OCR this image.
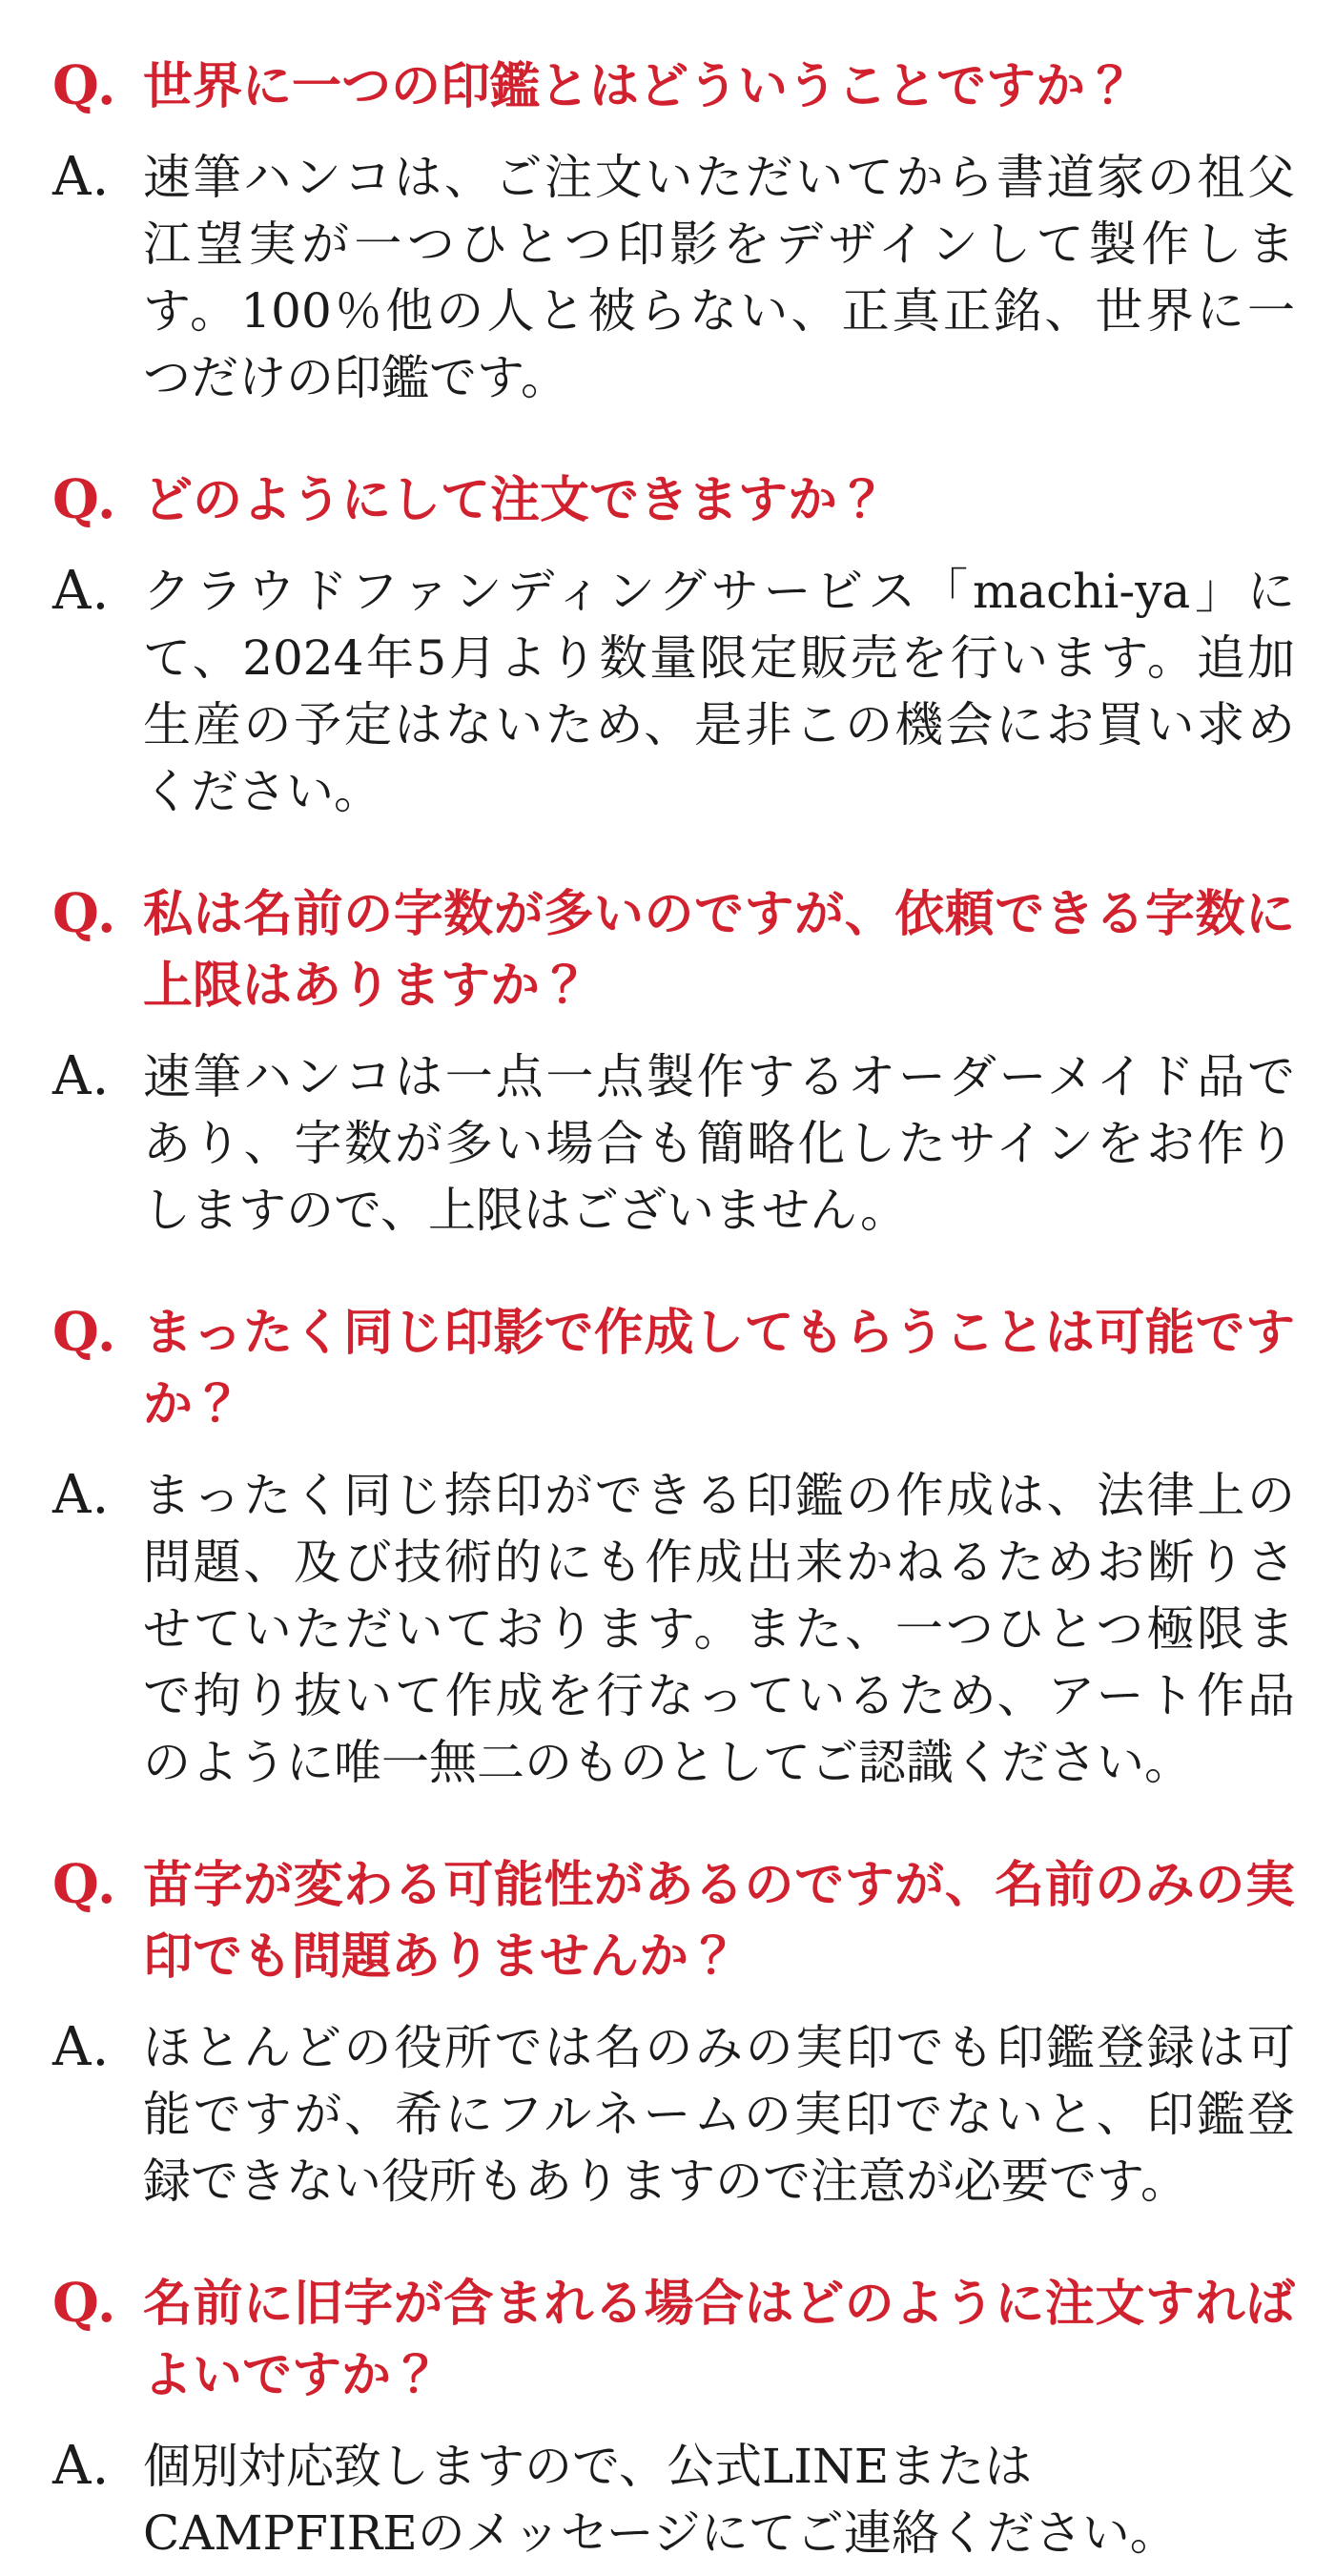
Q. 世界に一つの印鑑とはどういうことですか？
A. 速筆ハンコは、ご注文いただいてから書道家の祖父
江望実が一つひとつ印影をデザインして製作しま
す。100％他の人と被らない、正真正銘、世界に一
つだけの印鑑です。
Q. どのようにして注文できますか？
A. クラウドファンディングサービス「machi-ya」に
て、2024年5月より数量限定販売を行います。追加
生産の予定はないため、是非この機会にお買い求め
ください。
Q. 私は名前の字数が多いのですが、依頼できる字数に
上限はありますか？
A. 速筆ハンコは一点一点製作するオーダーメイド品で
あり、字数が多い場合も簡略化したサインをお作り
しますので、上限はございません。
Q. まったく同じ印影で作成してもらうことは可能です
か？
A. まったく同じ捺印ができる印鑑の作成は、法律上の
問題、及び技術的にも作成出来かねるためお断りさ
せていただいております。また、一つひとつ極限ま
で拘り抜いて作成を行なっているため、アート作品
のように唯一無二のものとしてご認識ください。
Q. 苗字が変わる可能性があるのですが、名前のみの実
印でも問題ありませんか？
A. ほとんどの役所では名のみの実印でも印鑑登録は可
能ですが、希にフルネームの実印でないと、印鑑登
録できない役所もありますので注意が必要です。
Q. 名前に旧字が含まれる場合はどのように注文すれば
よいですか？
A. 個別対応致しますので、公式LINEまたは
CAMPFIREのメッセージにてご連絡ください。
